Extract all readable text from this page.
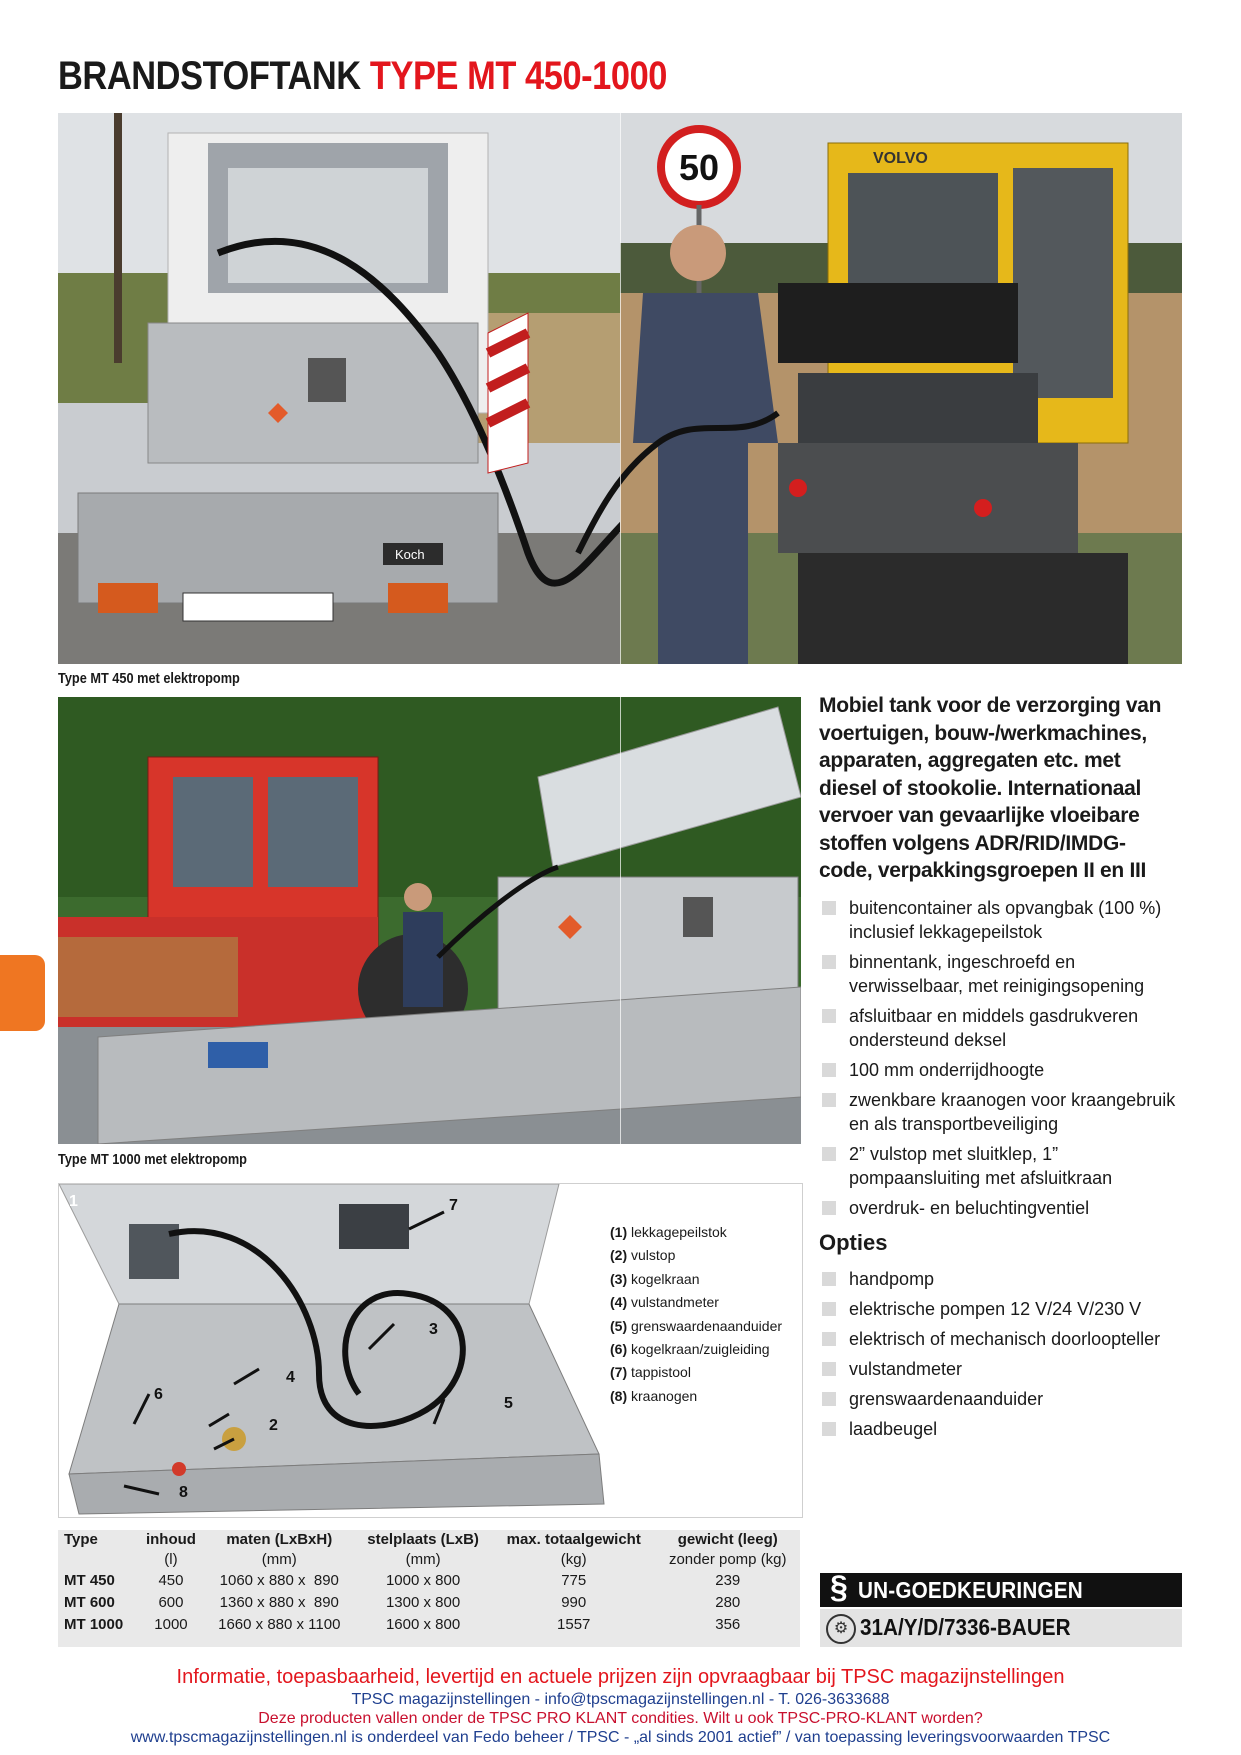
BRANDSTOFTANK TYPE MT 450-1000
Koch
50	VOLVO
Type MT 450 met elektropomp
Type MT 1000 met elektropomp
Mobiel tank voor de verzorging van voertuigen, bouw-/werkmachines, apparaten, aggregaten etc. met diesel of stookolie. Internationaal vervoer van gevaarlijke vloeibare stoffen volgens ADR/RID/IMDG-code, verpakkingsgroepen II en III
buitencontainer als opvangbak (100 %) inclusief lekkagepeilstok
binnentank, ingeschroefd en verwisselbaar, met reinigingsopening
afsluitbaar en middels gasdrukveren ondersteund deksel
100 mm onderrijdhoogte
zwenkbare kraanogen voor kraangebruik en als transportbeveiliging
2” vulstop met sluitklep, 1” pompaansluiting met afsluitkraan
overdruk- en beluchtingventiel
Opties
handpomp
elektrische pompen 12 V/24 V/230 V
elektrisch of mechanisch doorloopteller
vulstandmeter
grenswaardenaanduider
laadbeugel
7
3
4
2
6
5
8
1
(1) lekkagepeilstok
(2) vulstop
(3) kogelkraan
(4) vulstandmeter
(5) grenswaardenaanduider
(6) kogelkraan/zuigleiding
(7) tappistool
(8) kraanogen
Type	inhoud	maten (LxBxH)	stelplaats (LxB)	max. totaalgewicht	gewicht (leeg)
	(l)	(mm)	(mm)	(kg)	zonder pomp (kg)
MT 450	450	1060 x 880 x  890	1000 x 800	775	239
MT 600	600	1360 x 880 x  890	1300 x 800	990	280
MT 1000	1000	1660 x 880 x 1100	1600 x 800	1557	356
§ UN-GOEDKEURINGEN
⚙ 31A/Y/D/7336-BAUER
Informatie, toepasbaarheid, levertijd en actuele prijzen zijn opvraagbaar bij TPSC magazijnstellingen
TPSC magazijnstellingen - info@tpscmagazijnstellingen.nl - T. 026-3633688
Deze producten vallen onder de TPSC PRO KLANT condities. Wilt u ook TPSC-PRO-KLANT worden?
www.tpscmagazijnstellingen.nl is onderdeel van Fedo beheer / TPSC - „al sinds 2001 actief” / van toepassing leveringsvoorwaarden TPSC
